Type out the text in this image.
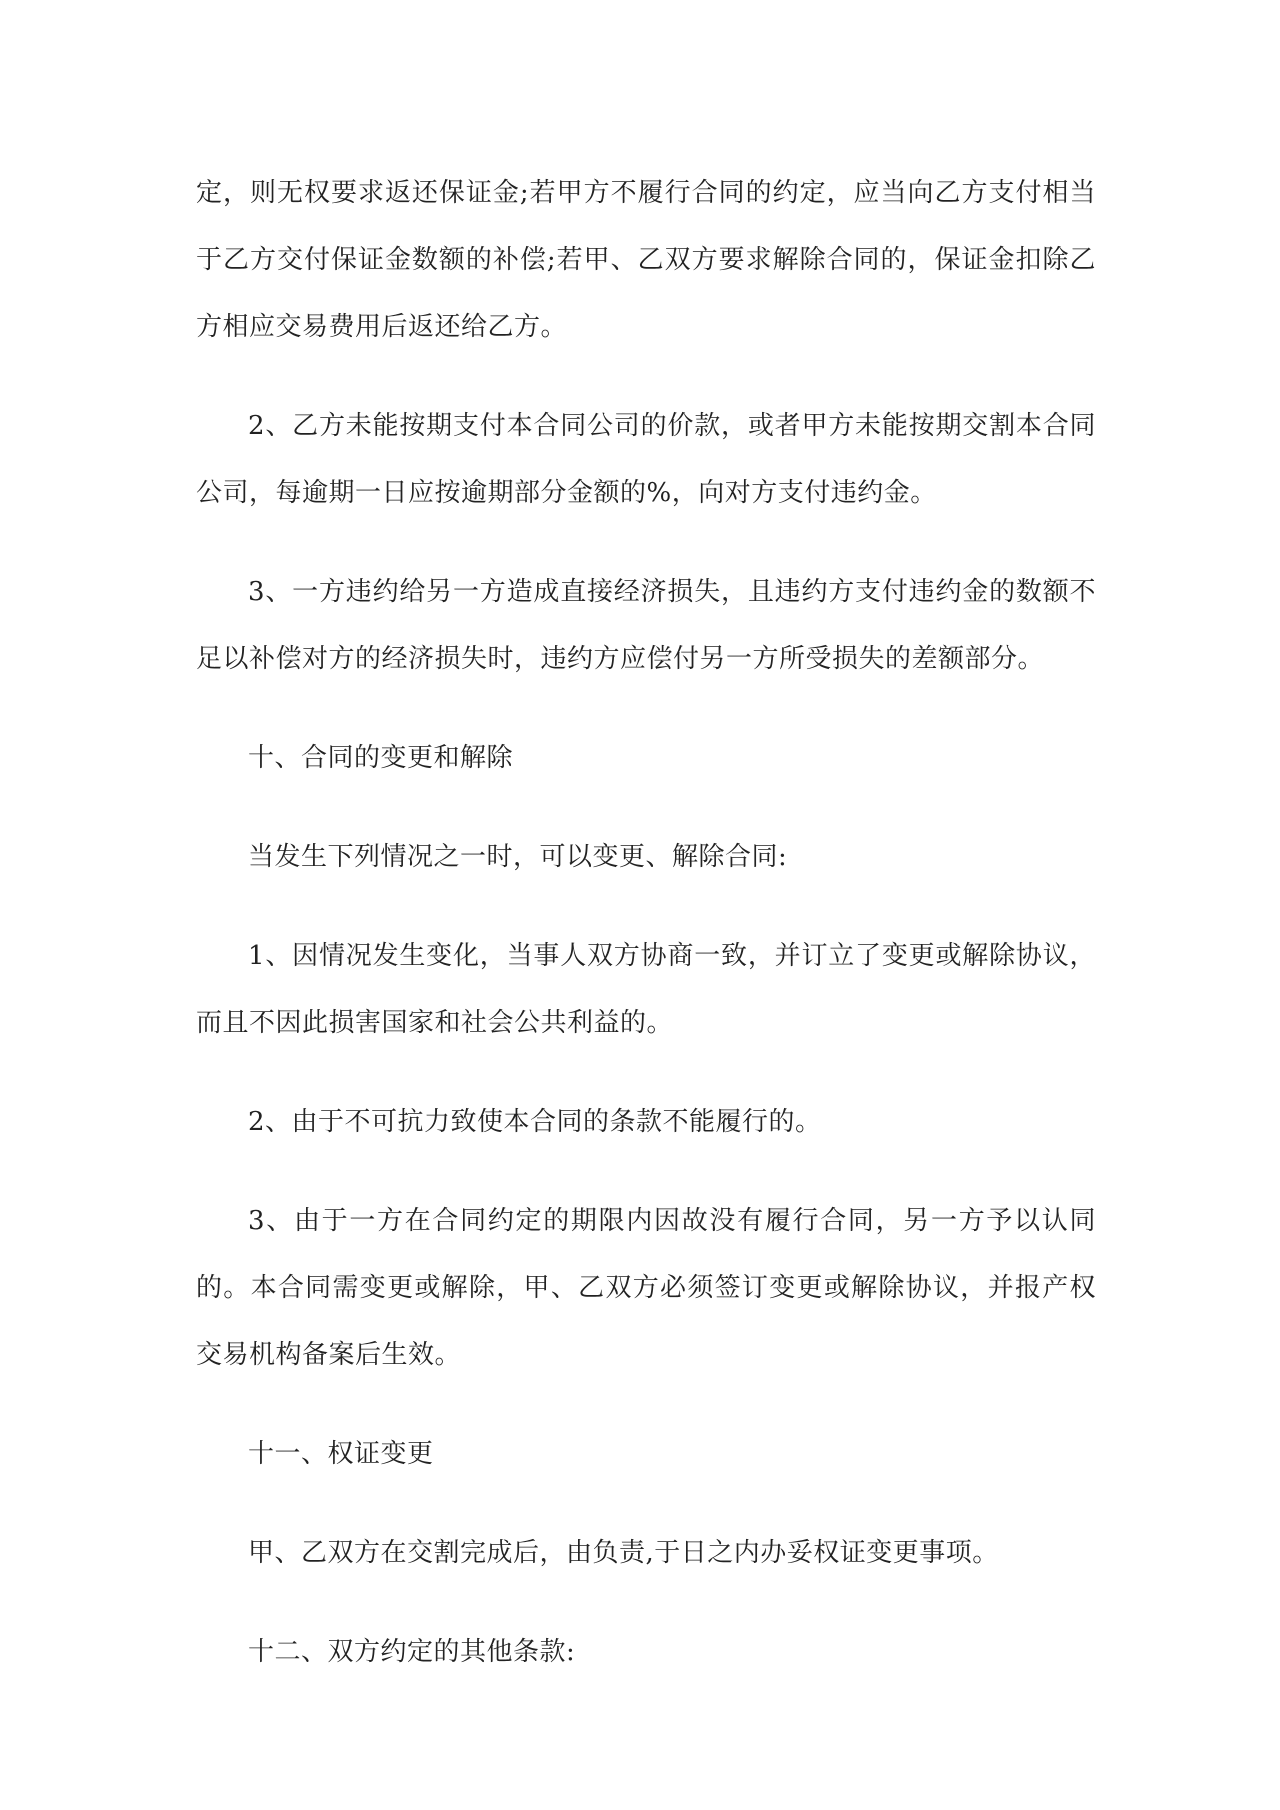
定，则无权要求返还保证金;若甲方不履行合同的约定，应当向乙方支付相当于乙方交付保证金数额的补偿;若甲、乙双方要求解除合同的，保证金扣除乙方相应交易费用后返还给乙方。

2、乙方未能按期支付本合同公司的价款，或者甲方未能按期交割本合同公司，每逾期一日应按逾期部分金额的%，向对方支付违约金。

3、一方违约给另一方造成直接经济损失，且违约方支付违约金的数额不足以补偿对方的经济损失时，违约方应偿付另一方所受损失的差额部分。

十、合同的变更和解除

当发生下列情况之一时，可以变更、解除合同:

1、因情况发生变化，当事人双方协商一致，并订立了变更或解除协议，而且不因此损害国家和社会公共利益的。

2、由于不可抗力致使本合同的条款不能履行的。

3、由于一方在合同约定的期限内因故没有履行合同，另一方予以认同的。本合同需变更或解除，甲、乙双方必须签订变更或解除协议，并报产权交易机构备案后生效。

十一、权证变更

甲、乙双方在交割完成后，由负责,于日之内办妥权证变更事项。

十二、双方约定的其他条款:
